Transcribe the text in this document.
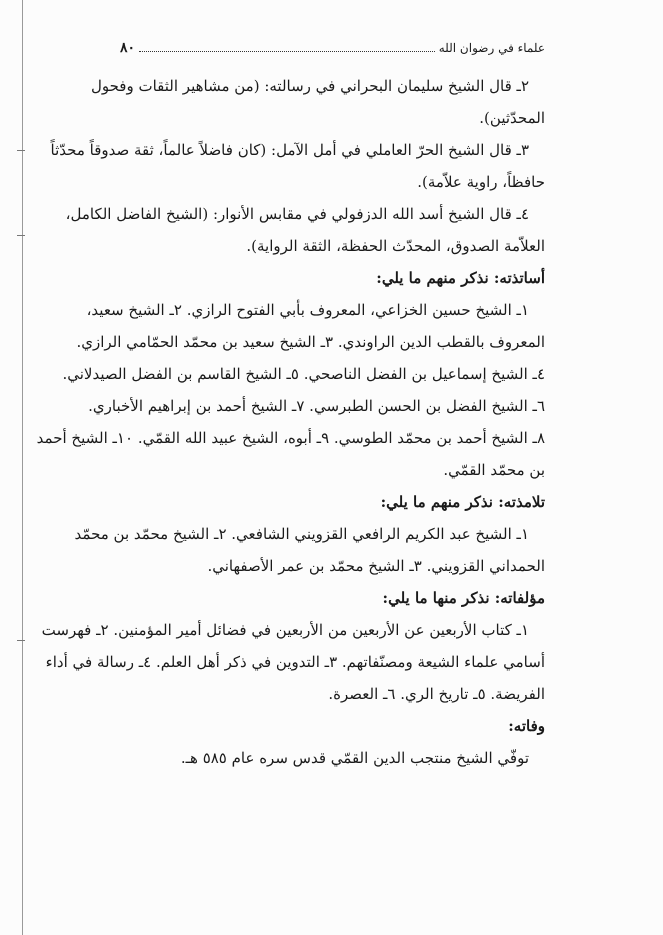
علماء في رضوان الله
٨٠
٢ـ قال الشيخ سليمان البحراني في رسالته: (من مشاهير الثقات وفحول
المحدّثين).
٣ـ قال الشيخ الحرّ العاملي في أمل الآمل: (كان فاضلاً عالماً، ثقة صدوقاً محدّثاً
حافظاً، راوية علاّمة).
٤ـ قال الشيخ أسد الله الدزفولي في مقابس الأنوار: (الشيخ الفاضل الكامل،
العلاّمة الصدوق، المحدّث الحفظة، الثقة الرواية).
أساتذته: نذكر منهم ما يلي:
١ـ الشيخ حسين الخزاعي، المعروف بأبي الفتوح الرازي. ٢ـ الشيخ سعيد،
المعروف بالقطب الدين الراوندي. ٣ـ الشيخ سعيد بن محمّد الحمّامي الرازي.
٤ـ الشيخ إسماعيل بن الفضل الناصحي. ٥ـ الشيخ القاسم بن الفضل الصيدلاني.
٦ـ الشيخ الفضل بن الحسن الطبرسي. ٧ـ الشيخ أحمد بن إبراهيم الأخباري.
٨ـ الشيخ أحمد بن محمّد الطوسي. ٩ـ أبوه، الشيخ عبيد الله القمّي. ١٠ـ الشيخ أحمد
بن محمّد القمّي.
تلامذته: نذكر منهم ما يلي:
١ـ الشيخ عبد الكريم الرافعي القزويني الشافعي. ٢ـ الشيخ محمّد بن محمّد
الحمداني القزويني. ٣ـ الشيخ محمّد بن عمر الأصفهاني.
مؤلفاته: نذكر منها ما يلي:
١ـ كتاب الأربعين عن الأربعين من الأربعين في فضائل أمير المؤمنين. ٢ـ فهرست
أسامي علماء الشيعة ومصنّفاتهم. ٣ـ التدوين في ذكر أهل العلم. ٤ـ رسالة في أداء
الفريضة. ٥ـ تاريخ الري. ٦ـ العصرة.
وفاته:
توفّي الشيخ منتجب الدين القمّي قدس سره عام ٥٨٥ هـ.
